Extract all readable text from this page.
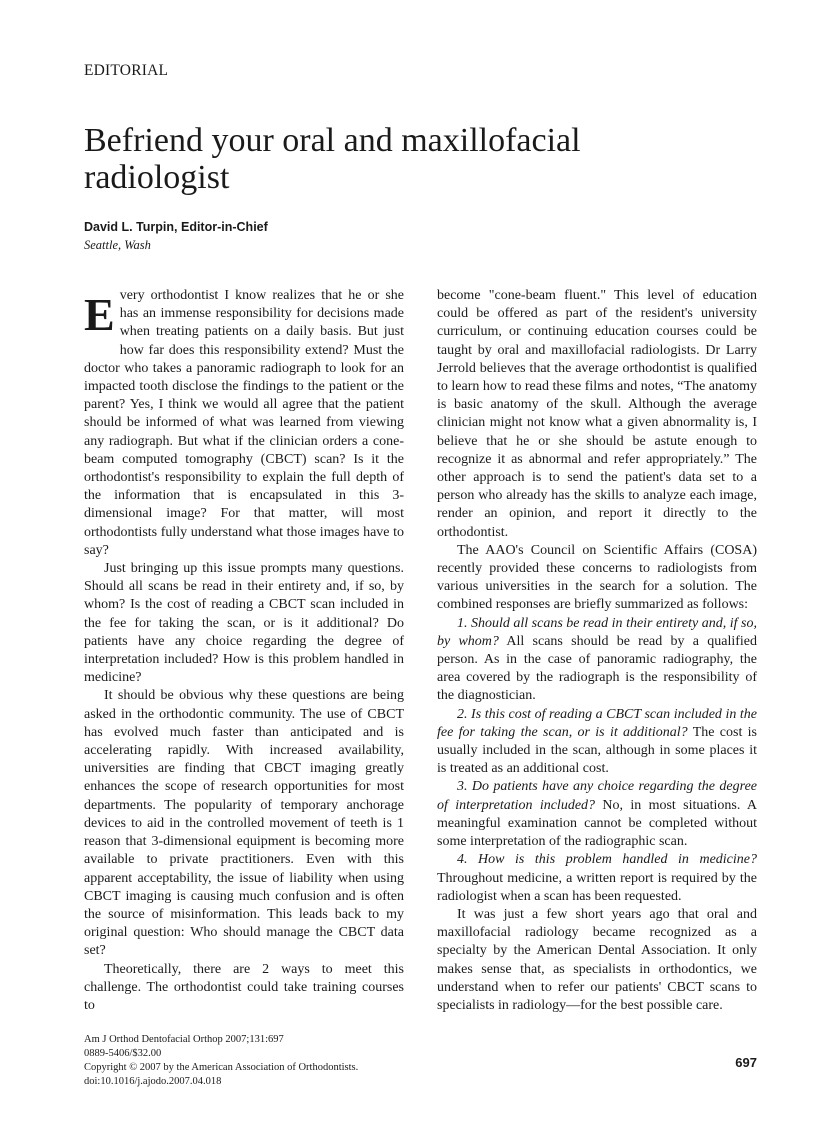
EDITORIAL
Befriend your oral and maxillofacial radiologist
David L. Turpin, Editor-in-Chief
Seattle, Wash

Every orthodontist I know realizes that he or she has an immense responsibility for decisions made when treating patients on a daily basis. But just how far does this responsibility extend? Must the doctor who takes a panoramic radiograph to look for an impacted tooth disclose the findings to the patient or the parent? Yes, I think we would all agree that the patient should be informed of what was learned from viewing any radiograph. But what if the clinician orders a cone-beam computed tomography (CBCT) scan? Is it the orthodontist's responsibility to explain the full depth of the information that is encapsulated in this 3-dimensional image? For that matter, will most orthodontists fully understand what those images have to say?

Just bringing up this issue prompts many questions. Should all scans be read in their entirety and, if so, by whom? Is the cost of reading a CBCT scan included in the fee for taking the scan, or is it additional? Do patients have any choice regarding the degree of interpretation included? How is this problem handled in medicine?

It should be obvious why these questions are being asked in the orthodontic community. The use of CBCT has evolved much faster than anticipated and is accelerating rapidly. With increased availability, universities are finding that CBCT imaging greatly enhances the scope of research opportunities for most departments. The popularity of temporary anchorage devices to aid in the controlled movement of teeth is 1 reason that 3-dimensional equipment is becoming more available to private practitioners. Even with this apparent acceptability, the issue of liability when using CBCT imaging is causing much confusion and is often the source of misinformation. This leads back to my original question: Who should manage the CBCT data set?

Theoretically, there are 2 ways to meet this challenge. The orthodontist could take training courses to

Am J Orthod Dentofacial Orthop 2007;131:697
0889-5406/$32.00
Copyright © 2007 by the American Association of Orthodontists.
doi:10.1016/j.ajodo.2007.04.018

become "cone-beam fluent." This level of education could be offered as part of the resident's university curriculum, or continuing education courses could be taught by oral and maxillofacial radiologists. Dr Larry Jerrold believes that the average orthodontist is qualified to learn how to read these films and notes, “The anatomy is basic anatomy of the skull. Although the average clinician might not know what a given abnormality is, I believe that he or she should be astute enough to recognize it as abnormal and refer appropriately.” The other approach is to send the patient's data set to a person who already has the skills to analyze each image, render an opinion, and report it directly to the orthodontist.

The AAO's Council on Scientific Affairs (COSA) recently provided these concerns to radiologists from various universities in the search for a solution. The combined responses are briefly summarized as follows:

1. Should all scans be read in their entirety and, if so, by whom? All scans should be read by a qualified person. As in the case of panoramic radiography, the area covered by the radiograph is the responsibility of the diagnostician.

2. Is this cost of reading a CBCT scan included in the fee for taking the scan, or is it additional? The cost is usually included in the scan, although in some places it is treated as an additional cost.

3. Do patients have any choice regarding the degree of interpretation included? No, in most situations. A meaningful examination cannot be completed without some interpretation of the radiographic scan.

4. How is this problem handled in medicine? Throughout medicine, a written report is required by the radiologist when a scan has been requested.

It was just a few short years ago that oral and maxillofacial radiology became recognized as a specialty by the American Dental Association. It only makes sense that, as specialists in orthodontics, we understand when to refer our patients' CBCT scans to specialists in radiology—for the best possible care.

697
